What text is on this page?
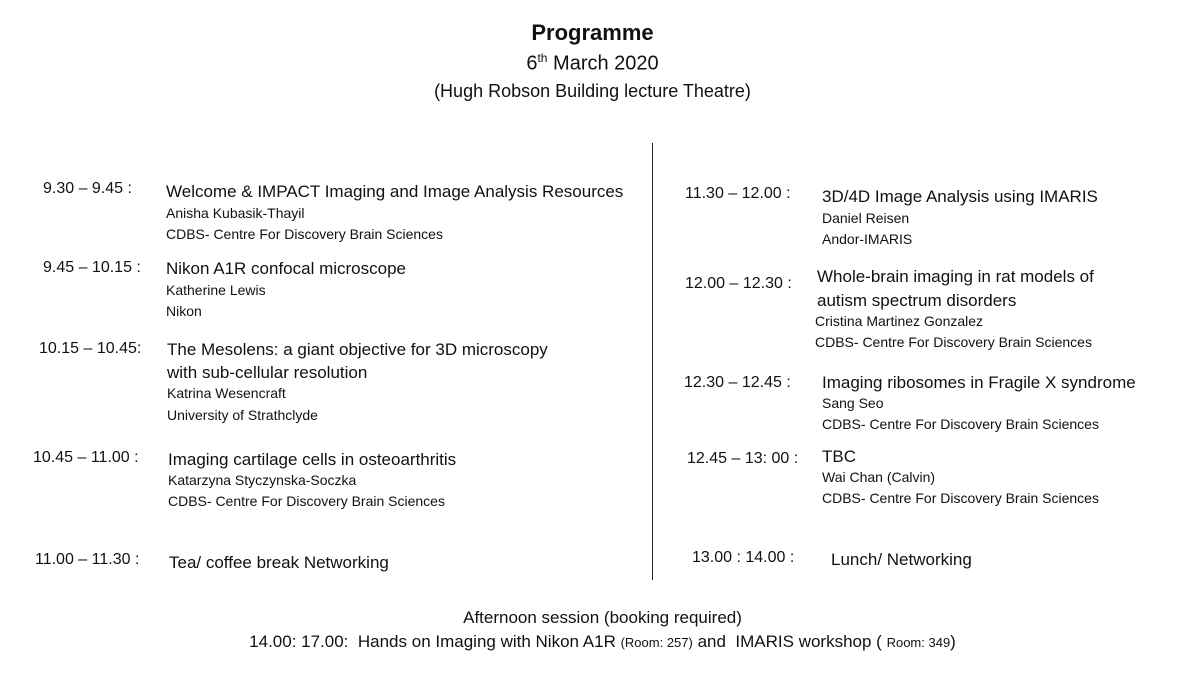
Programme
6th March 2020
(Hugh Robson Building lecture Theatre)
9.30 – 9.45 : Welcome & IMPACT Imaging and Image Analysis Resources
Anisha Kubasik-Thayil
CDBS- Centre For Discovery Brain Sciences
9.45 – 10.15 : Nikon A1R confocal microscope
Katherine Lewis
Nikon
10.15 – 10.45: The Mesolens: a giant objective for 3D microscopy
with sub-cellular resolution
Katrina Wesencraft
University of Strathclyde
10.45 – 11.00 : Imaging cartilage cells in osteoarthritis
Katarzyna Styczynska-Soczka
CDBS- Centre For Discovery Brain Sciences
11.00 – 11.30 : Tea/ coffee break Networking
11.30 – 12.00 : 3D/4D Image Analysis using IMARIS
Daniel Reisen
Andor-IMARIS
12.00 – 12.30 : Whole-brain imaging in rat models of
autism spectrum disorders
Cristina Martinez Gonzalez
CDBS- Centre For Discovery Brain Sciences
12.30 – 12.45 : Imaging ribosomes in Fragile X syndrome
Sang Seo
CDBS- Centre For Discovery Brain Sciences
12.45 – 13: 00 : TBC
Wai Chan (Calvin)
CDBS- Centre For Discovery Brain Sciences
13.00 : 14.00 : Lunch/ Networking
Afternoon session (booking required)
14.00: 17.00: Hands on Imaging with Nikon A1R (Room: 257) and IMARIS workshop ( Room: 349)
